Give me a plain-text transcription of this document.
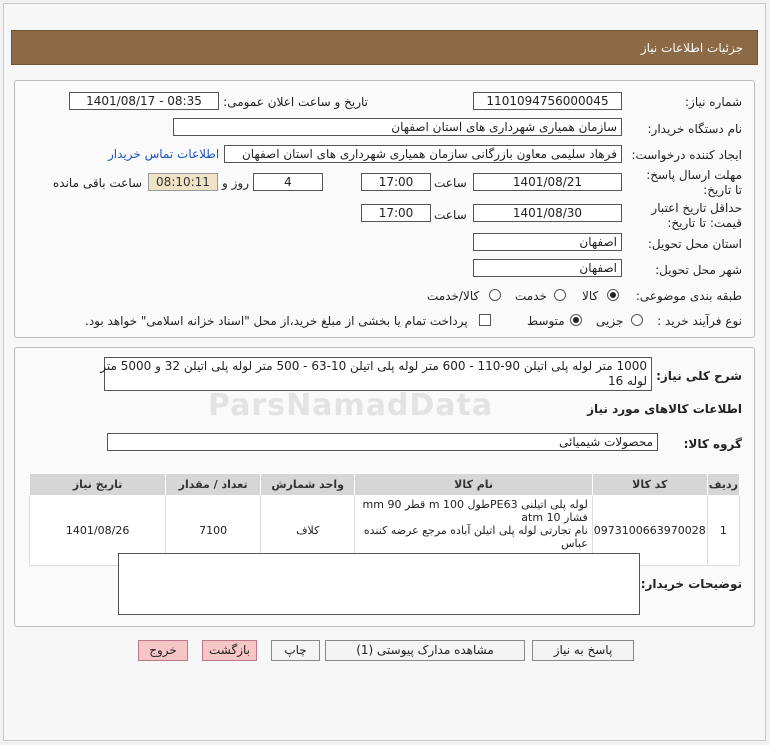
جزئیات اطلاعات نیاز
شماره نیاز:
1101094756000045
تاریخ و ساعت اعلان عمومی:
1401/08/17 - 08:35
نام دستگاه خریدار:
سازمان همیاری شهرداری های استان اصفهان
ایجاد کننده درخواست:
فرهاد سلیمی معاون بازرگانی سازمان همیاری شهرداری های استان اصفهان
اطلاعات تماس خریدار
مهلت ارسال پاسخ: تا تاریخ:
1401/08/21
ساعت
17:00
4
روز و
08:10:11
ساعت باقی مانده
حداقل تاریخ اعتبار قیمت: تا تاریخ:
1401/08/30
ساعت
17:00
استان محل تحویل:
اصفهان
شهر محل تحویل:
اصفهان
طبقه بندی موضوعی:
کالا
خدمت
کالا/خدمت
نوع فرآیند خرید :
جزیی
متوسط
پرداخت تمام یا بخشی از مبلغ خرید،از محل "اسناد خزانه اسلامی" خواهد بود.
شرح کلی نیاز:
1000 متر لوله پلی اتیلن 90-110 - 600 متر لوله پلی اتیلن 10-63 - 500 متر لوله پلی اتیلن 32 و 5000 متر
لوله 16
اطلاعات کالاهای مورد نیاز
گروه کالا:
محصولات شیمیائی
ردیف	کد کالا	نام کالا	واحد شمارش	تعداد / مقدار	تاریخ نیاز
1	0973100663970028	لوله پلی اتیلنی PE63طول m 100 قطر mm 90 فشار atm 10
نام تجارتی لوله پلی اتیلن آباده مرجع عرضه کننده عباس	کلاف	7100	1401/08/26
توضیحات خریدار:
پاسخ به نیاز
مشاهده مدارک پیوستی (1)
چاپ
بازگشت
خروج
